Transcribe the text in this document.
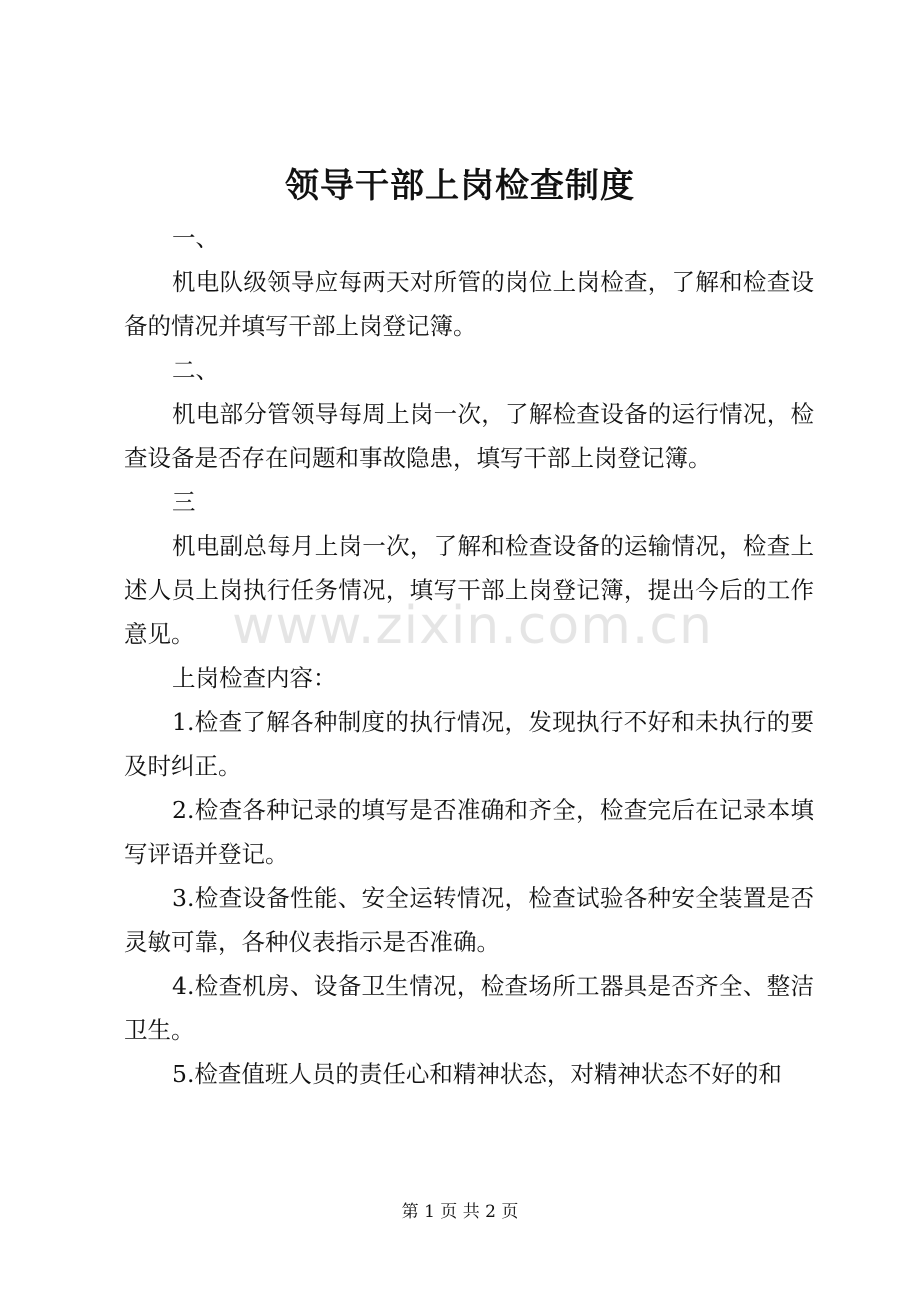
领导干部上岗检查制度

一、

机电队级领导应每两天对所管的岗位上岗检查，了解和检查设备的情况并填写干部上岗登记簿。

二、

机电部分管领导每周上岗一次，了解检查设备的运行情况，检查设备是否存在问题和事故隐患，填写干部上岗登记簿。

三

机电副总每月上岗一次，了解和检查设备的运输情况，检查上述人员上岗执行任务情况，填写干部上岗登记簿，提出今后的工作意见。

上岗检查内容：

1.检查了解各种制度的执行情况，发现执行不好和未执行的要及时纠正。

2.检查各种记录的填写是否准确和齐全，检查完后在记录本填写评语并登记。

3.检查设备性能、安全运转情况，检查试验各种安全装置是否灵敏可靠，各种仪表指示是否准确。

4.检查机房、设备卫生情况，检查场所工器具是否齐全、整洁卫生。

5.检查值班人员的责任心和精神状态，对精神状态不好的和

www.zixin.com.cn
第 1 页 共 2 页
